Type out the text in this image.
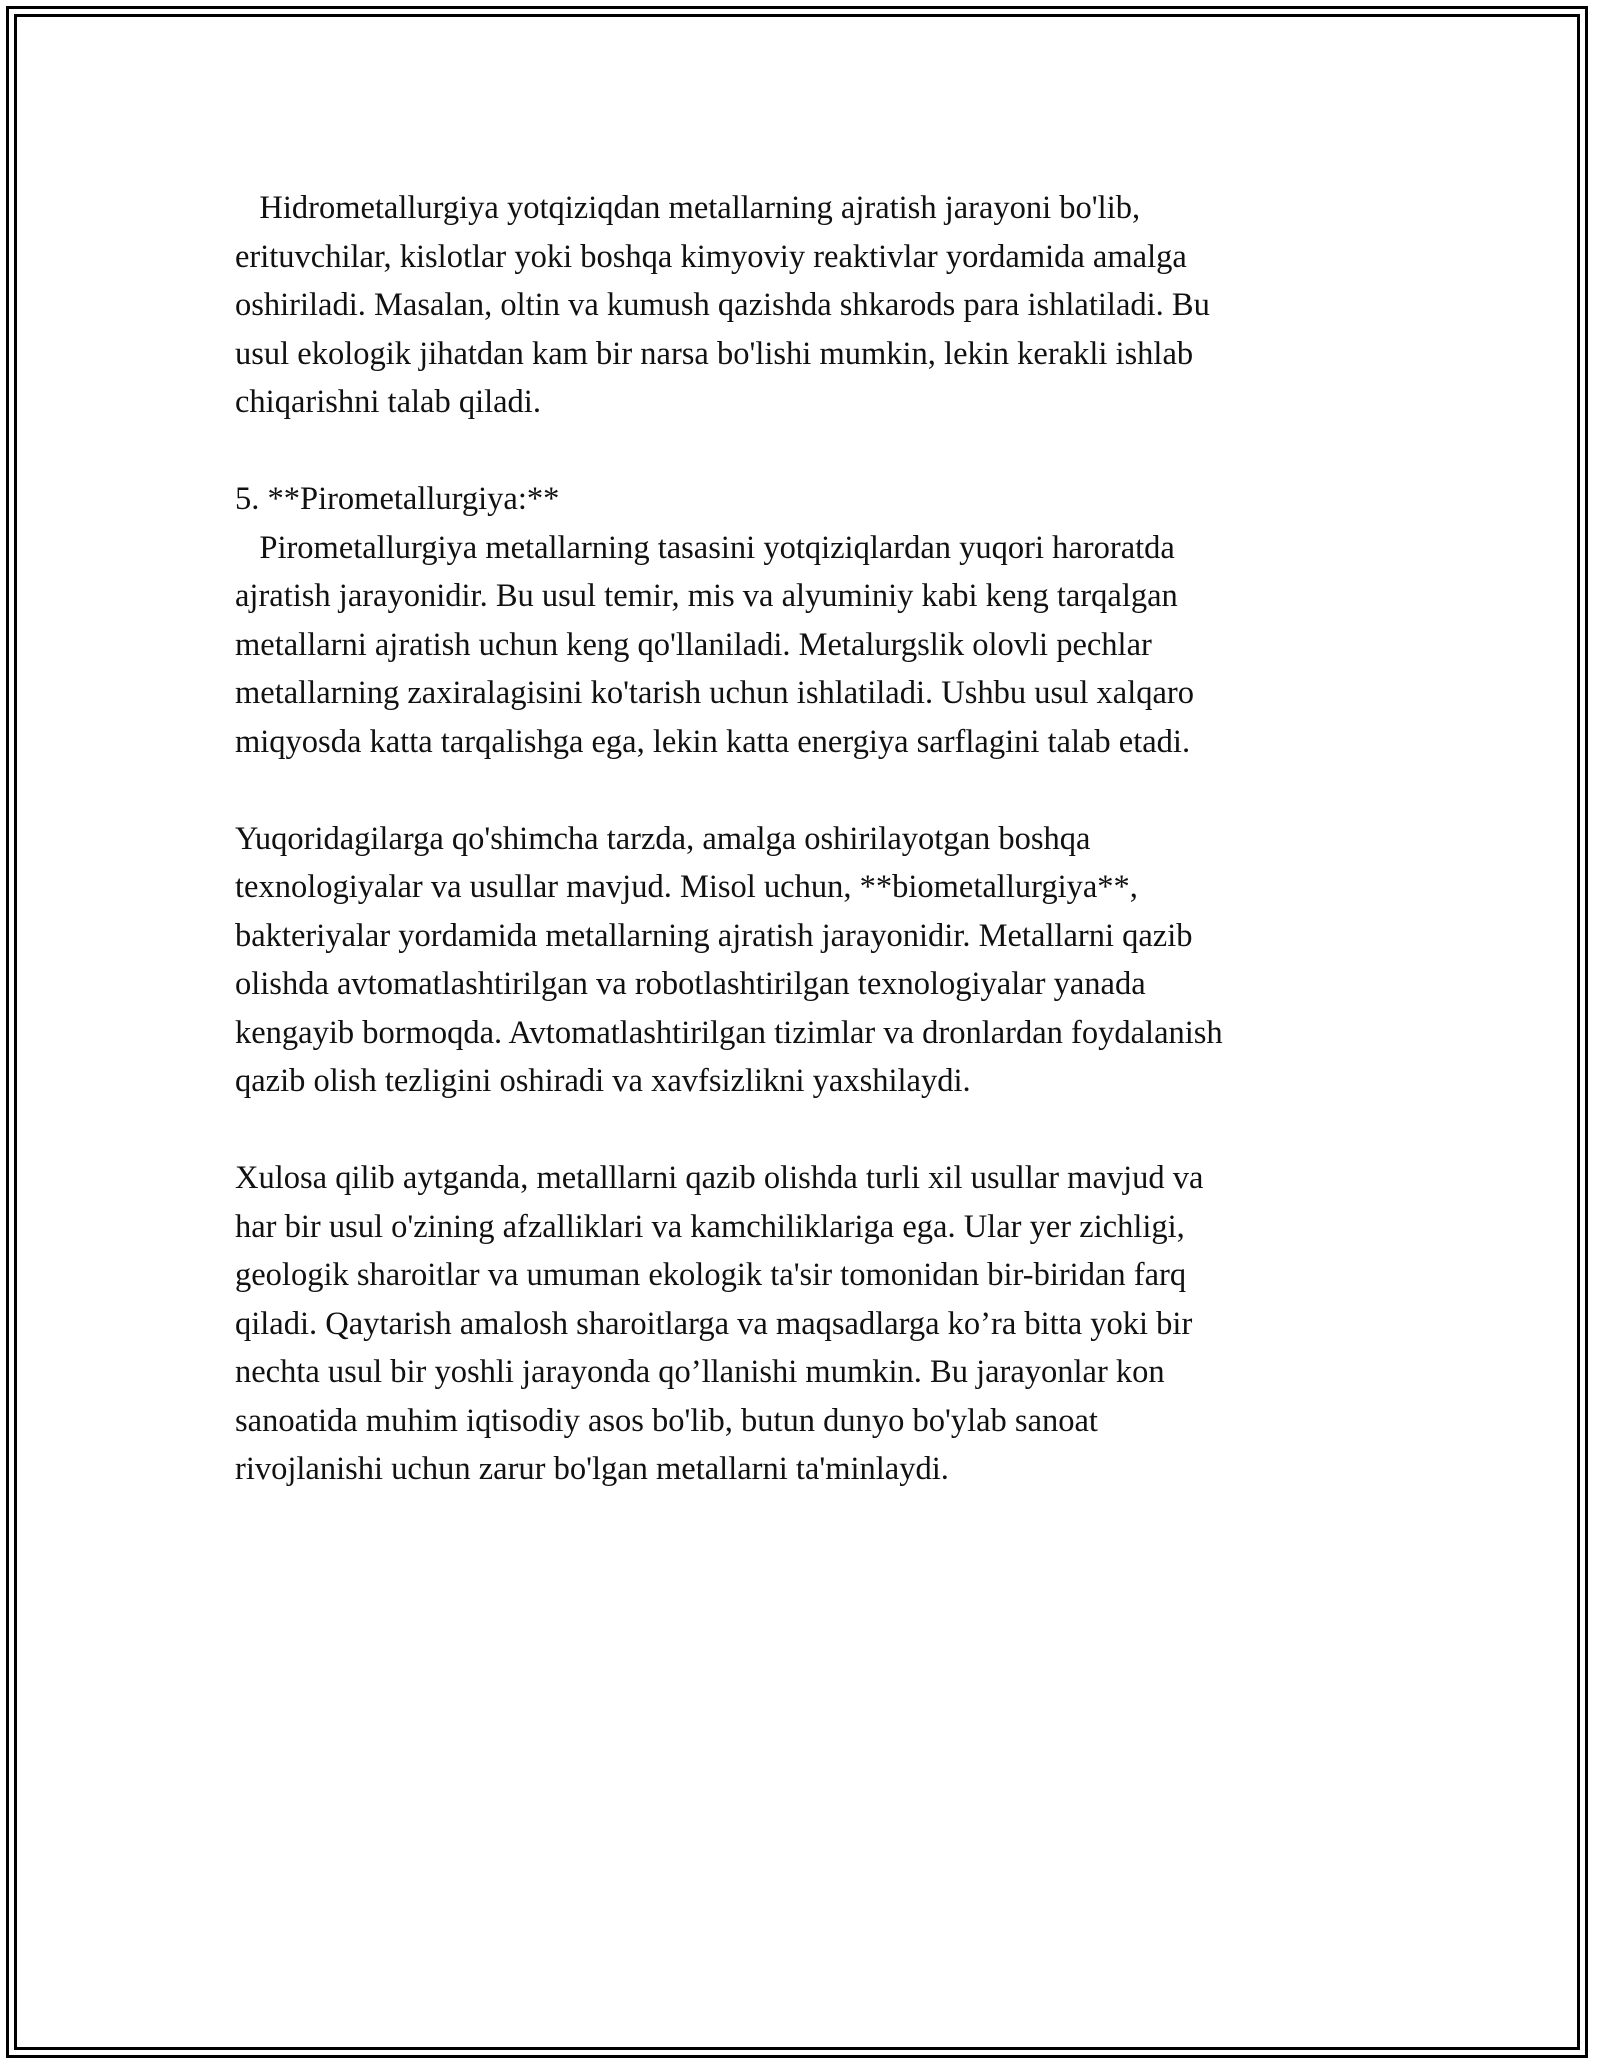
Hidrometallurgiya yotqiziqdan metallarning ajratish jarayoni bo'lib,
erituvchilar, kislotlar yoki boshqa kimyoviy reaktivlar yordamida amalga
oshiriladi. Masalan, oltin va kumush qazishda shkarods para ishlatiladi. Bu
usul ekologik jihatdan kam bir narsa bo'lishi mumkin, lekin kerakli ishlab
chiqarishni talab qiladi.
5. **Pirometallurgiya:**
Pirometallurgiya metallarning tasasini yotqiziqlardan yuqori haroratda
ajratish jarayonidir. Bu usul temir, mis va alyuminiy kabi keng tarqalgan
metallarni ajratish uchun keng qo'llaniladi. Metalurgslik olovli pechlar
metallarning zaxiralagisini ko'tarish uchun ishlatiladi. Ushbu usul xalqaro
miqyosda katta tarqalishga ega, lekin katta energiya sarflagini talab etadi.
Yuqoridagilarga qo'shimcha tarzda, amalga oshirilayotgan boshqa
texnologiyalar va usullar mavjud. Misol uchun, **biometallurgiya**,
bakteriyalar yordamida metallarning ajratish jarayonidir. Metallarni qazib
olishda avtomatlashtirilgan va robotlashtirilgan texnologiyalar yanada
kengayib bormoqda. Avtomatlashtirilgan tizimlar va dronlardan foydalanish
qazib olish tezligini oshiradi va xavfsizlikni yaxshilaydi.
Xulosa qilib aytganda, metalllarni qazib olishda turli xil usullar mavjud va
har bir usul o'zining afzalliklari va kamchiliklariga ega. Ular yer zichligi,
geologik sharoitlar va umuman ekologik ta'sir tomonidan bir-biridan farq
qiladi. Qaytarish amalosh sharoitlarga va maqsadlarga ko’ra bitta yoki bir
nechta usul bir yoshli jarayonda qo’llanishi mumkin. Bu jarayonlar kon
sanoatida muhim iqtisodiy asos bo'lib, butun dunyo bo'ylab sanoat
rivojlanishi uchun zarur bo'lgan metallarni ta'minlaydi.
